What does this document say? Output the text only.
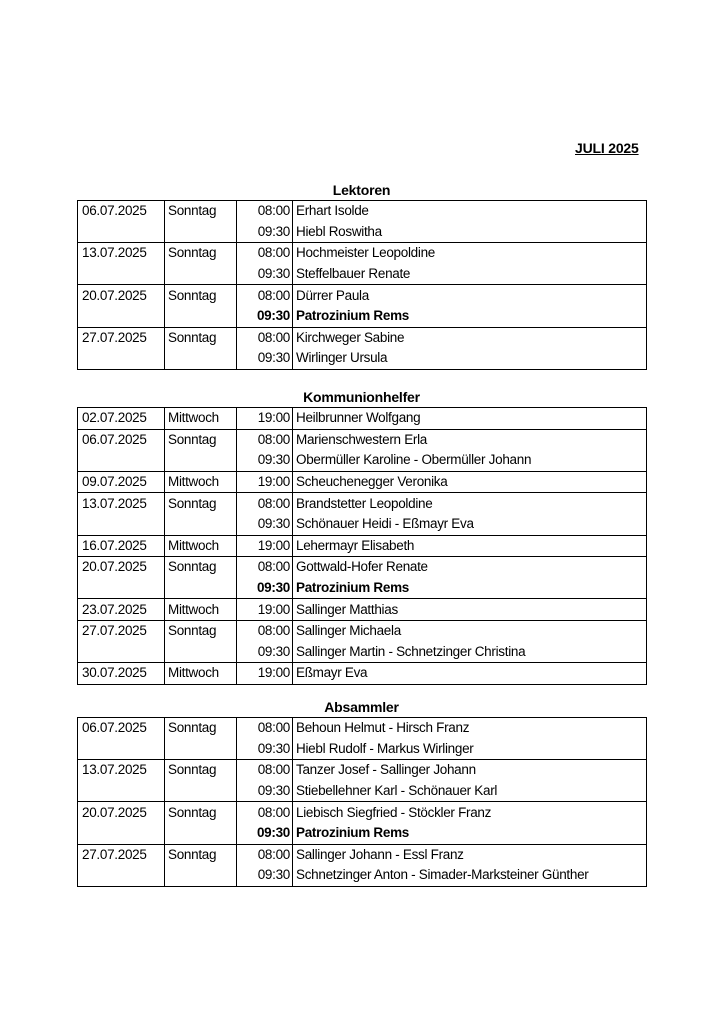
JULI 2025
Lektoren
06.07.2025	Sonntag	08:00	Erhart Isolde
		09:30	Hiebl Roswitha
13.07.2025	Sonntag	08:00	Hochmeister Leopoldine
		09:30	Steffelbauer Renate
20.07.2025	Sonntag	08:00	Dürrer Paula
		09:30	Patrozinium Rems
27.07.2025	Sonntag	08:00	Kirchweger Sabine
		09:30	Wirlinger Ursula
Kommunionhelfer
02.07.2025	Mittwoch	19:00	Heilbrunner Wolfgang
06.07.2025	Sonntag	08:00	Marienschwestern Erla
		09:30	Obermüller Karoline - Obermüller Johann
09.07.2025	Mittwoch	19:00	Scheuchenegger Veronika
13.07.2025	Sonntag	08:00	Brandstetter Leopoldine
		09:30	Schönauer Heidi - Eßmayr Eva
16.07.2025	Mittwoch	19:00	Lehermayr Elisabeth
20.07.2025	Sonntag	08:00	Gottwald-Hofer Renate
		09:30	Patrozinium Rems
23.07.2025	Mittwoch	19:00	Sallinger Matthias
27.07.2025	Sonntag	08:00	Sallinger Michaela
		09:30	Sallinger Martin - Schnetzinger Christina
30.07.2025	Mittwoch	19:00	Eßmayr Eva
Absammler
06.07.2025	Sonntag	08:00	Behoun Helmut - Hirsch Franz
		09:30	Hiebl Rudolf - Markus Wirlinger
13.07.2025	Sonntag	08:00	Tanzer Josef - Sallinger Johann
		09:30	Stiebellehner Karl - Schönauer Karl
20.07.2025	Sonntag	08:00	Liebisch Siegfried - Stöckler Franz
		09:30	Patrozinium Rems
27.07.2025	Sonntag	08:00	Sallinger Johann - Essl Franz
		09:30	Schnetzinger Anton - Simader-Marksteiner Günther
